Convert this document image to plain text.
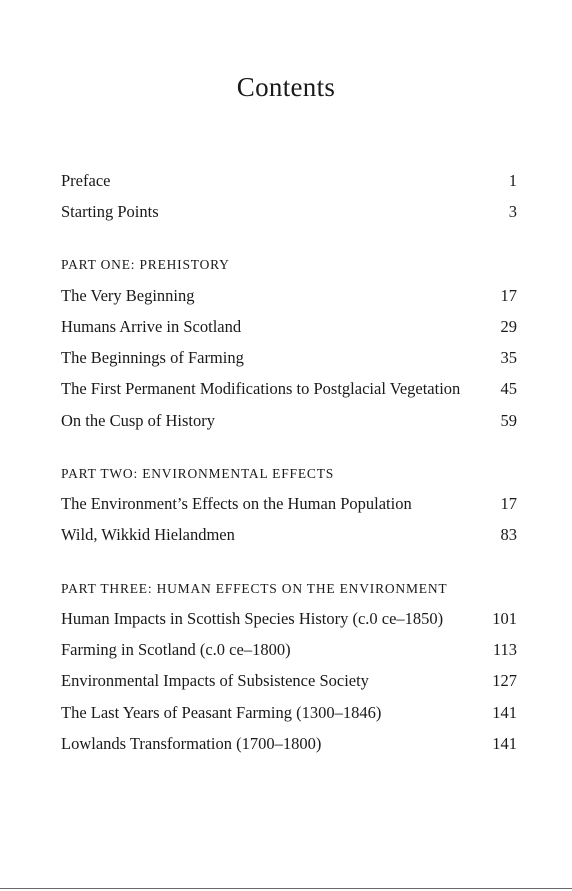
Contents
Preface	1
Starting Points	3
PART ONE: PREHISTORY
The Very Beginning	17
Humans Arrive in Scotland	29
The Beginnings of Farming	35
The First Permanent Modifications to Postglacial Vegetation 45
On the Cusp of History	59
PART TWO: ENVIRONMENTAL EFFECTS
The Environment’s Effects on the Human Population	17
Wild, Wikkid Hielandmen	83
PART THREE: HUMAN EFFECTS ON THE ENVIRONMENT
Human Impacts in Scottish Species History (c.0 ce–1850)	101
Farming in Scotland (c.0 ce–1800)	113
Environmental Impacts of Subsistence Society	127
The Last Years of Peasant Farming (1300–1846)	141
Lowlands Transformation (1700–1800)	141
